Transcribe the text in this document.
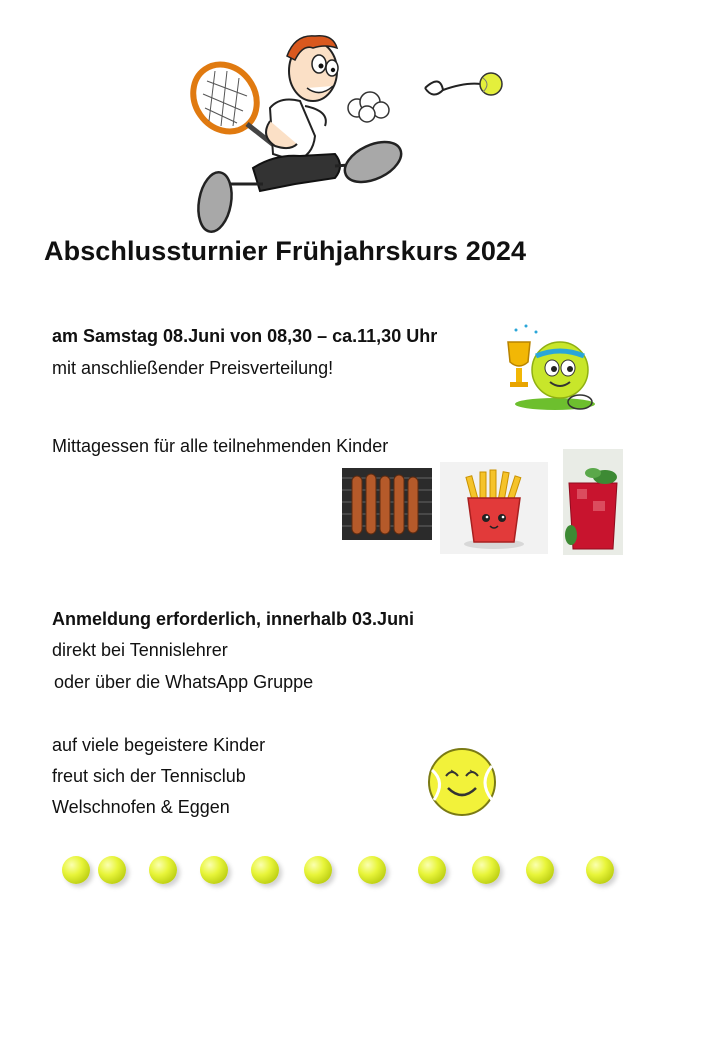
Abschlussturnier Frühjahrskurs 2024
am Samstag 08.Juni von 08,30 – ca.11,30 Uhr
mit anschließender Preisverteilung!
Mittagessen für alle teilnehmenden Kinder
Anmeldung erforderlich, innerhalb 03.Juni
direkt bei Tennislehrer
oder über die WhatsApp Gruppe
auf viele begeistere Kinder
freut sich der Tennisclub
Welschnofen & Eggen
